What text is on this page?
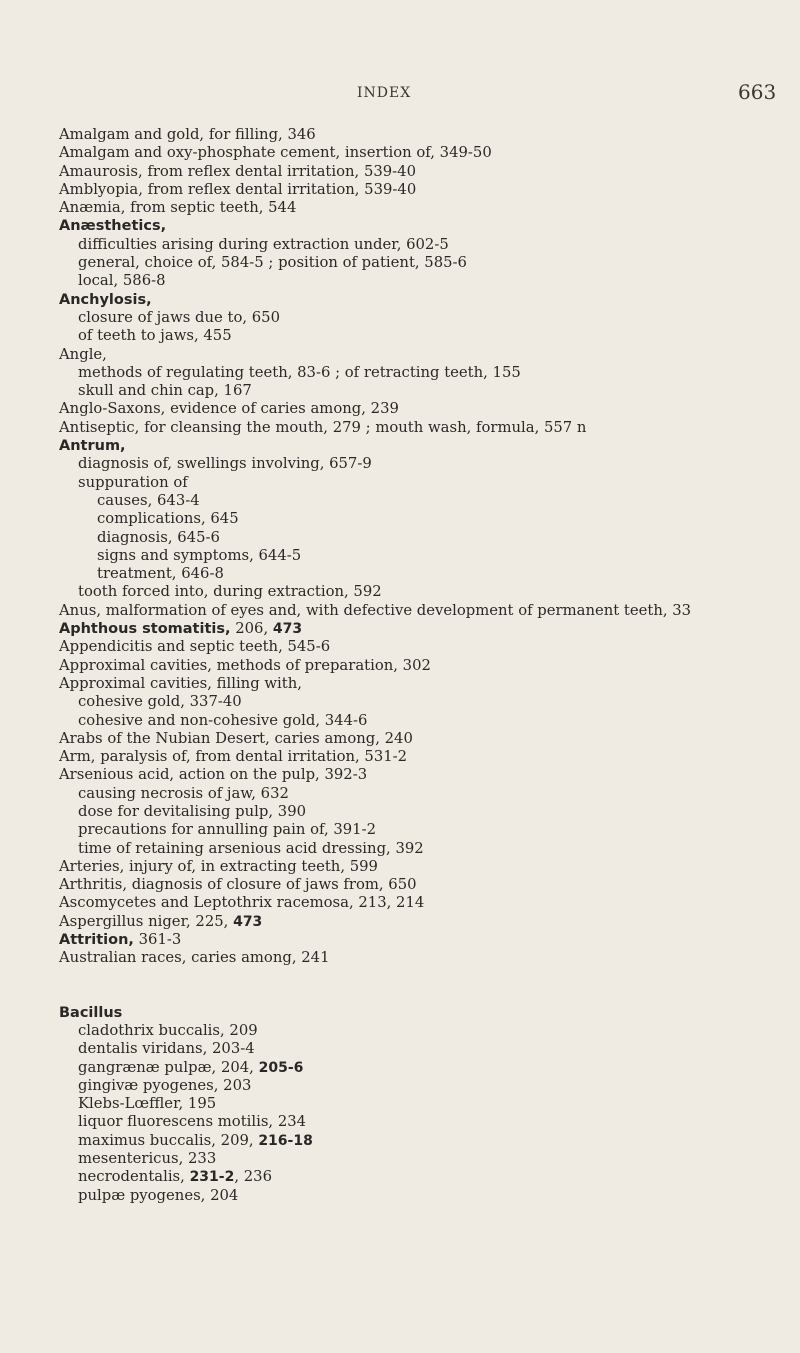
INDEX	663
Amalgam and gold, for filling, 346
Amalgam and oxy-phosphate cement, insertion of, 349-50
Amaurosis, from reflex dental irritation, 539-40
Amblyopia, from reflex dental irritation, 539-40
Anæmia, from septic teeth, 544
Anæsthetics,
difficulties arising during extraction under, 602-5
general, choice of, 584-5 ; position of patient, 585-6
local, 586-8
Anchylosis,
closure of jaws due to, 650
of teeth to jaws, 455
Angle,
methods of regulating teeth, 83-6 ; of retracting teeth, 155
skull and chin cap, 167
Anglo-Saxons, evidence of caries among, 239
Antiseptic, for cleansing the mouth, 279 ; mouth wash, formula, 557 n
Antrum,
diagnosis of, swellings involving, 657-9
suppuration of
causes, 643-4
complications, 645
diagnosis, 645-6
signs and symptoms, 644-5
treatment, 646-8
tooth forced into, during extraction, 592
Anus, malformation of eyes and, with defective development of permanent teeth, 33
Aphthous stomatitis, 206, 473
Appendicitis and septic teeth, 545-6
Approximal cavities, methods of preparation, 302
Approximal cavities, filling with,
cohesive gold, 337-40
cohesive and non-cohesive gold, 344-6
Arabs of the Nubian Desert, caries among, 240
Arm, paralysis of, from dental irritation, 531-2
Arsenious acid, action on the pulp, 392-3
causing necrosis of jaw, 632
dose for devitalising pulp, 390
precautions for annulling pain of, 391-2
time of retaining arsenious acid dressing, 392
Arteries, injury of, in extracting teeth, 599
Arthritis, diagnosis of closure of jaws from, 650
Ascomycetes and Leptothrix racemosa, 213, 214
Aspergillus niger, 225, 473
Attrition, 361-3
Australian races, caries among, 241
Bacillus
cladothrix buccalis, 209
dentalis viridans, 203-4
gangrænæ pulpæ, 204, 205-6
gingivæ pyogenes, 203
Klebs-Lœffler, 195
liquor fluorescens motilis, 234
maximus buccalis, 209, 216-18
mesentericus, 233
necrodentalis, 231-2, 236
pulpæ pyogenes, 204
